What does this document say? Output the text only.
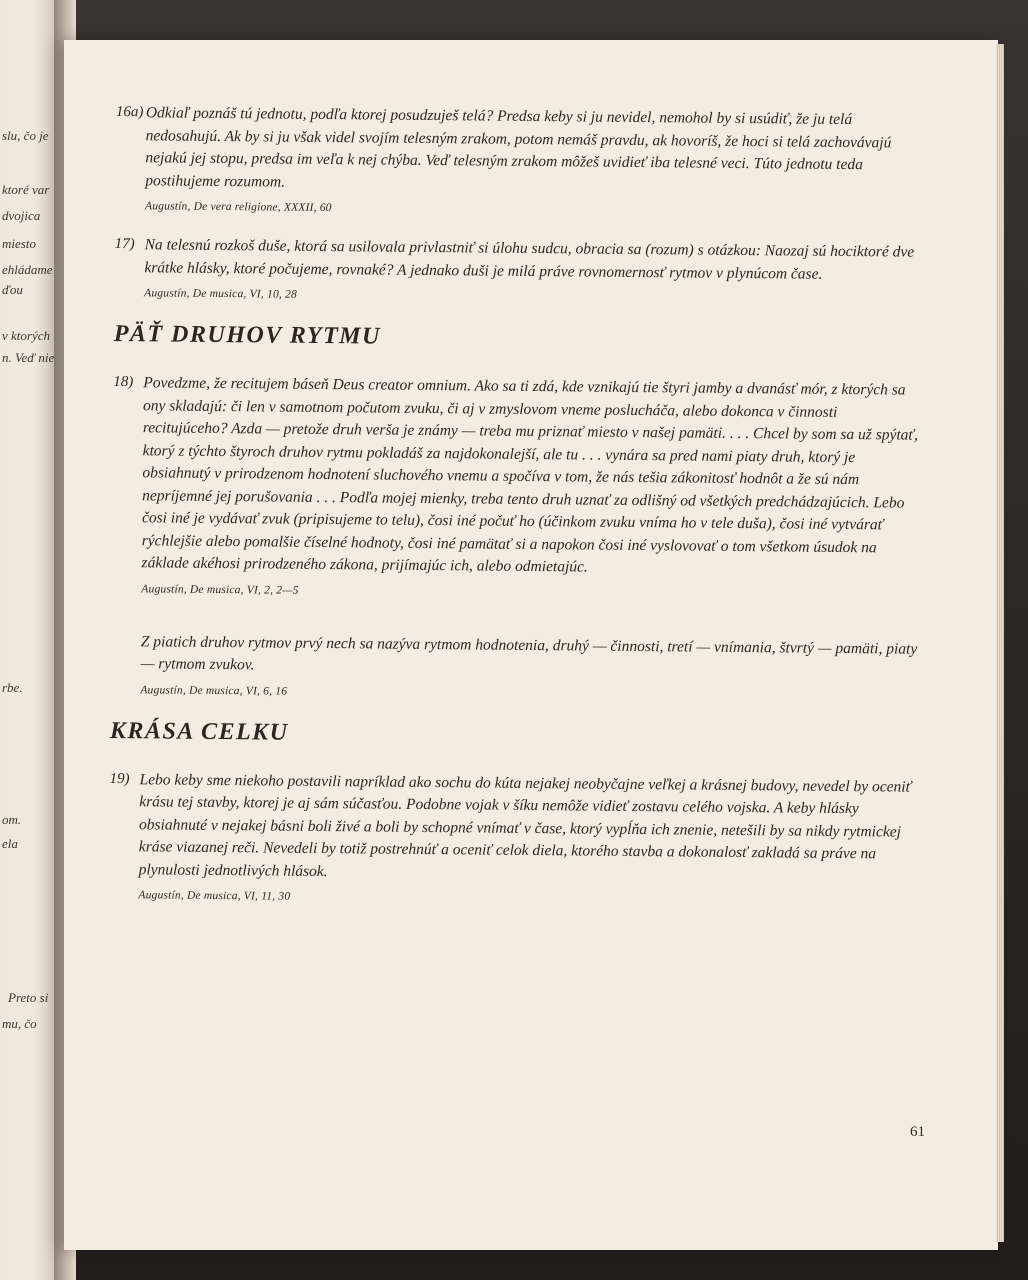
slu, čo je
ktoré var
dvojica
miesto
ehládame
ďou
v ktorých
n. Veď nie
rbe.
om.
ela
Preto si
mu, čo
16a) Odkiaľ poznáš tú jednotu, podľa ktorej posudzuješ telá? Predsa keby si ju nevidel, nemohol by si usúdiť, že ju telá nedosahujú. Ak by si ju však videl svojím telesným zrakom, potom nemáš pravdu, ak hovoríš, že hoci si telá zachovávajú nejakú jej stopu, predsa im veľa k nej chýba. Veď telesným zrakom môžeš uvidieť iba telesné veci. Túto jednotu teda postihujeme rozumom.

Augustín, De vera religione, XXXII, 60

17) Na telesnú rozkoš duše, ktorá sa usilovala privlastniť si úlohu sudcu, obracia sa (rozum) s otázkou: Naozaj sú hociktoré dve krátke hlásky, ktoré počujeme, rovnaké? A jednako duši je milá práve rovnomernosť rytmov v plynúcom čase.

Augustín, De musica, VI, 10, 28

PÄŤ DRUHOV RYTMU
18) Povedzme, že recitujem báseň Deus creator omnium. Ako sa ti zdá, kde vznikajú tie štyri jamby a dvanásť mór, z ktorých sa ony skladajú: či len v samotnom počutom zvuku, či aj v zmyslovom vneme poslucháča, alebo dokonca v činnosti recitujúceho? Azda — pretože druh verša je známy — treba mu priznať miesto v našej pamäti. . . . Chcel by som sa už spýtať, ktorý z týchto štyroch druhov rytmu pokladáš za najdokonalejší, ale tu . . . vynára sa pred nami piaty druh, ktorý je obsiahnutý v prirodzenom hodnotení sluchového vnemu a spočíva v tom, že nás tešia zákonitosť hodnôt a že sú nám nepríjemné jej porušovania . . . Podľa mojej mienky, treba tento druh uznať za odlišný od všetkých predchádzajúcich. Lebo čosi iné je vydávať zvuk (pripisujeme to telu), čosi iné počuť ho (účinkom zvuku vníma ho v tele duša), čosi iné vytvárať rýchlejšie alebo pomalšie číselné hodnoty, čosi iné pamätať si a napokon čosi iné vyslovovať o tom všetkom úsudok na základe akéhosi prirodzeného zákona, prijímajúc ich, alebo odmietajúc.

Augustín, De musica, VI, 2, 2—5

Z piatich druhov rytmov prvý nech sa nazýva rytmom hodnotenia, druhý — činnosti, tretí — vnímania, štvrtý — pamäti, piaty — rytmom zvukov.

Augustín, De musica, VI, 6, 16

KRÁSA CELKU
19) Lebo keby sme niekoho postavili napríklad ako sochu do kúta nejakej neobyčajne veľkej a krásnej budovy, nevedel by oceniť krásu tej stavby, ktorej je aj sám súčasťou. Podobne vojak v šíku nemôže vidieť zostavu celého vojska. A keby hlásky obsiahnuté v nejakej básni boli živé a boli by schopné vnímať v čase, ktorý vypĺňa ich znenie, netešili by sa nikdy rytmickej kráse viazanej reči. Nevedeli by totiž postrehnúť a oceniť celok diela, ktorého stavba a dokonalosť zakladá sa práve na plynulosti jednotlivých hlások.

Augustín, De musica, VI, 11, 30

61
